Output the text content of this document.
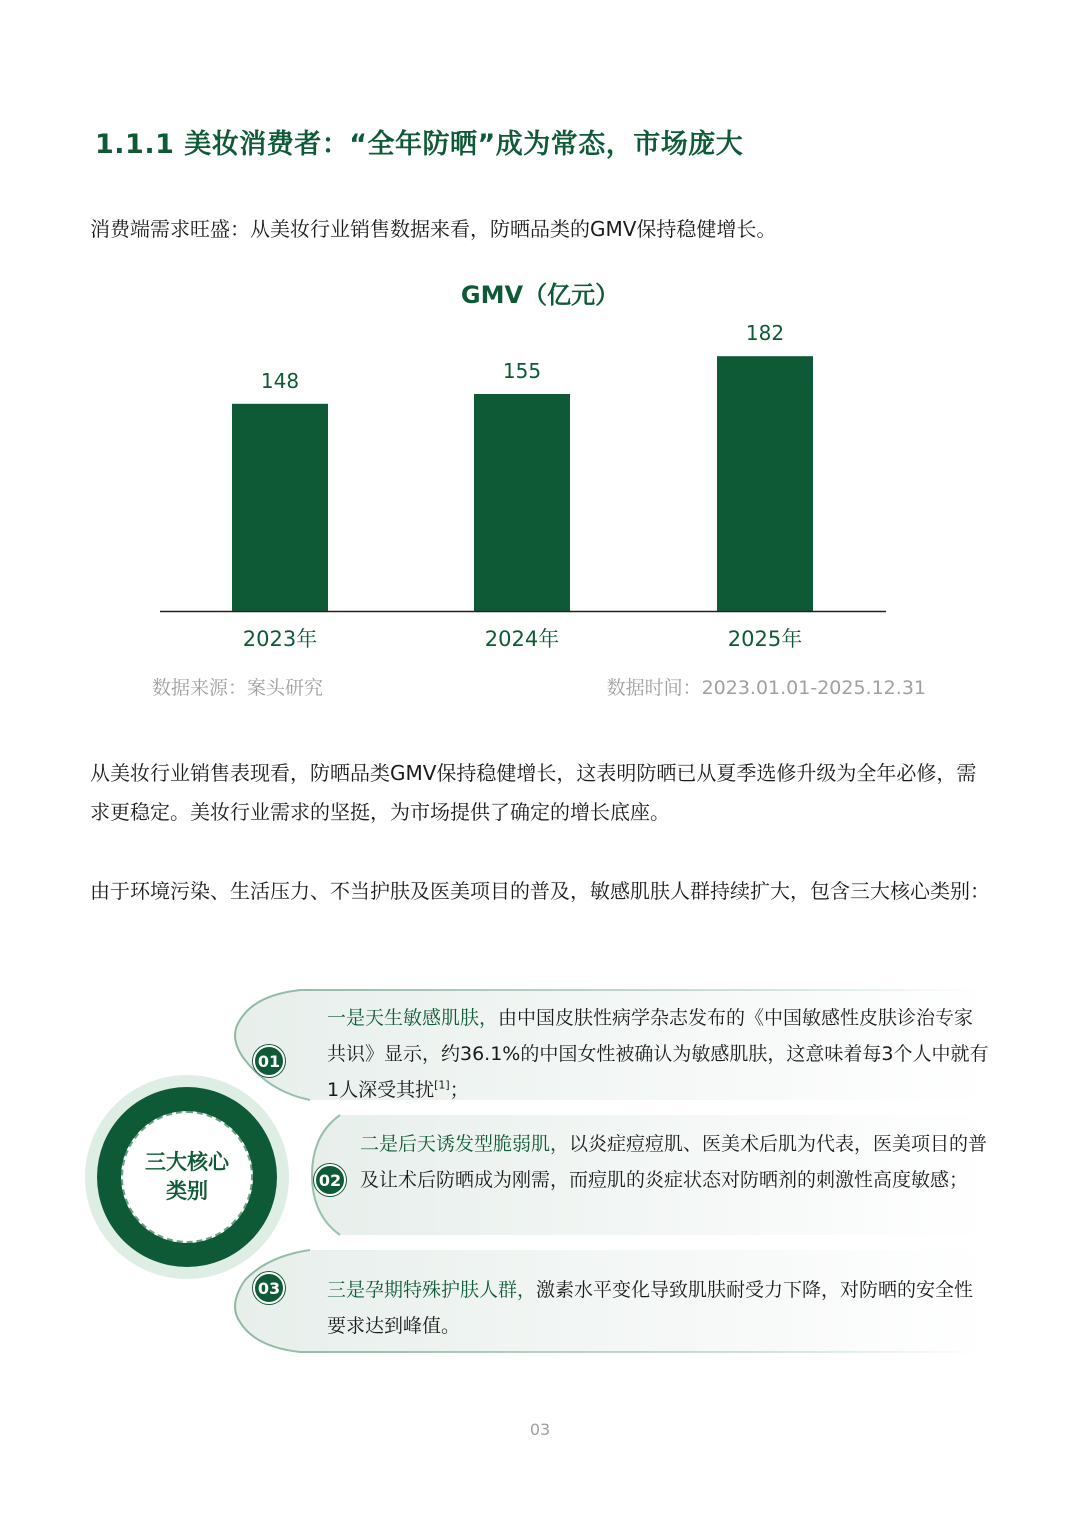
1.1.1 美妆消费者：“全年防晒”成为常态，市场庞大
消费端需求旺盛：从美妆行业销售数据来看，防晒品类的GMV保持稳健增长。
GMV（亿元）
148
2023年
155
2024年
182
2025年
数据来源：案头研究	数据时间：2023.01.01-2025.12.31
从美妆行业销售表现看，防晒品类GMV保持稳健增长，这表明防晒已从夏季选修升级为全年必修，需求更稳定。美妆行业需求的坚挺，为市场提供了确定的增长底座。
由于环境污染、生活压力、不当护肤及医美项目的普及，敏感肌肤人群持续扩大，包含三大核心类别：
三大核心
类别
01
02
03
一是天生敏感肌肤，由中国皮肤性病学杂志发布的《中国敏感性皮肤诊治专家共识》显示，约36.1%的中国女性被确认为敏感肌肤，这意味着每3个人中就有1人深受其扰[1]；
二是后天诱发型脆弱肌，以炎症痘痘肌、医美术后肌为代表，医美项目的普及让术后防晒成为刚需，而痘肌的炎症状态对防晒剂的刺激性高度敏感；
三是孕期特殊护肤人群，激素水平变化导致肌肤耐受力下降，对防晒的安全性要求达到峰值。
03
